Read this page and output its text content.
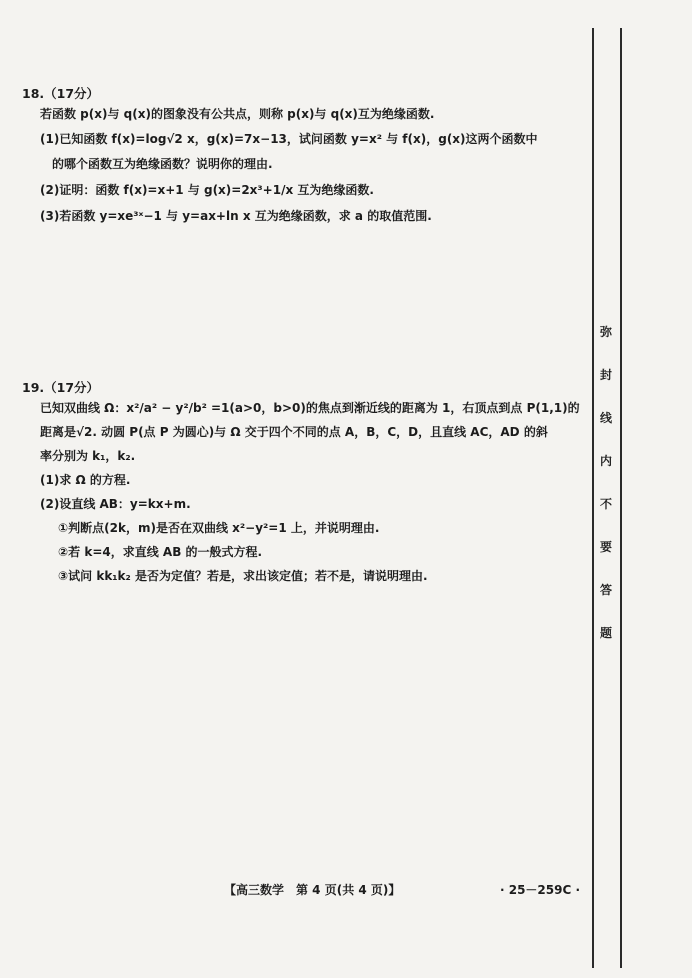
弥
封
线
内
不
要
答
题
18.（17分）

若函数 p(x)与 q(x)的图象没有公共点，则称 p(x)与 q(x)互为绝缘函数.

(1)已知函数 f(x)=log√2 x，g(x)=7x−13，试问函数 y=x² 与 f(x)，g(x)这两个函数中

的哪个函数互为绝缘函数？说明你的理由.

(2)证明：函数 f(x)=x+1 与 g(x)=2x³+1/x 互为绝缘函数.

(3)若函数 y=xe³ˣ−1 与 y=ax+ln x 互为绝缘函数，求 a 的取值范围.

19.（17分）

已知双曲线 Ω：x²/a² − y²/b² =1(a>0，b>0)的焦点到渐近线的距离为 1，右顶点到点 P(1,1)的

距离是√2. 动圆 P(点 P 为圆心)与 Ω 交于四个不同的点 A，B，C，D，且直线 AC，AD 的斜

率分别为 k₁，k₂.

(1)求 Ω 的方程.

(2)设直线 AB：y=kx+m.

①判断点(2k，m)是否在双曲线 x²−y²=1 上，并说明理由.

②若 k=4，求直线 AB 的一般式方程.

③试问 kk₁k₂ 是否为定值？若是，求出该定值；若不是，请说明理由.

【高三数学　第 4 页(共 4 页)】	· 25－259C ·
